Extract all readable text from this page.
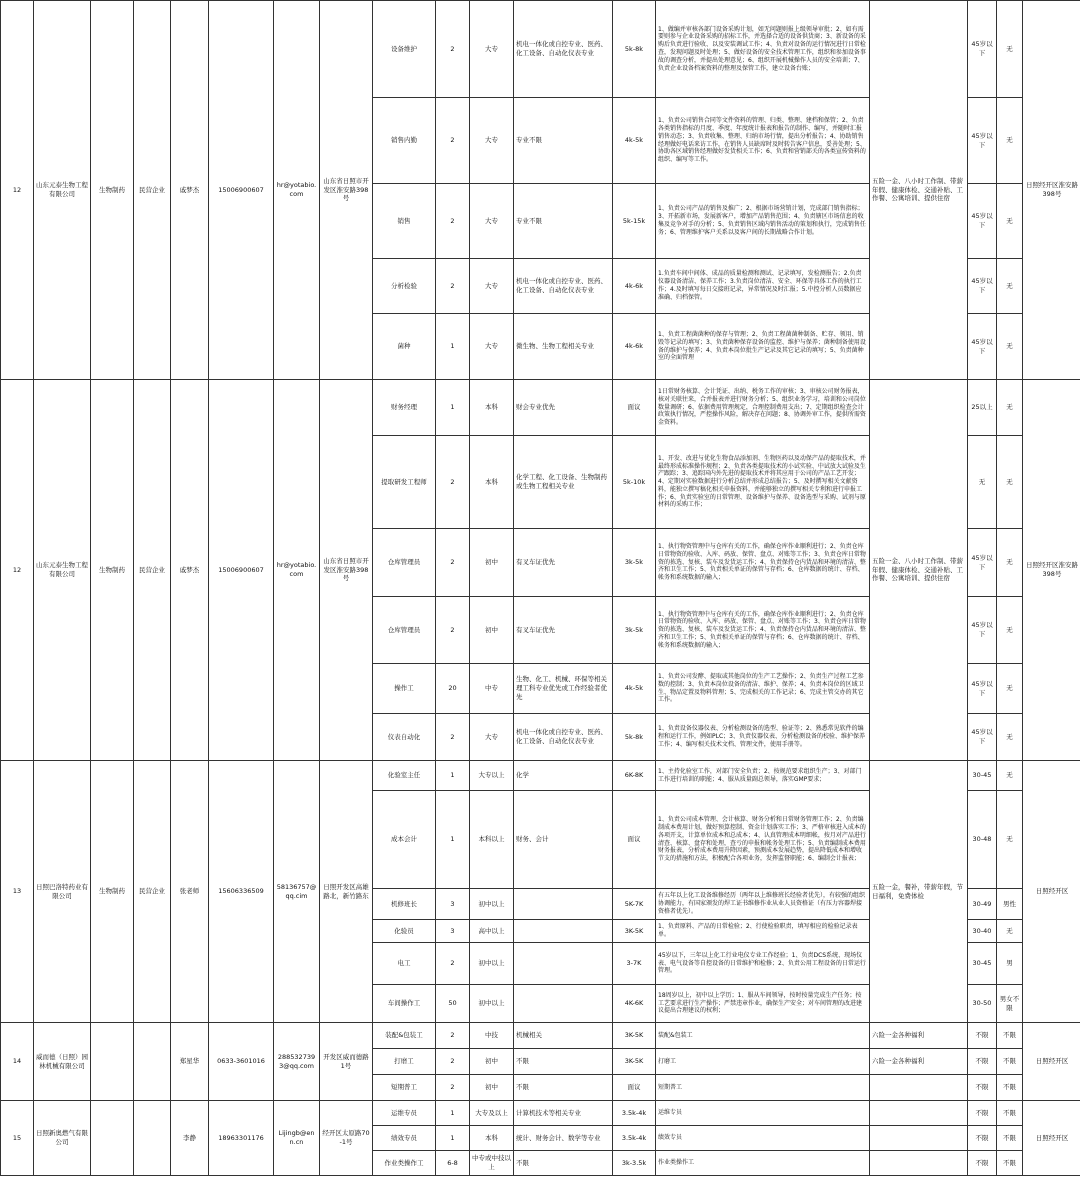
12	山东元泰生物工程有限公司	生物制药	民营企业	戚梦杰	15006900607	hr@yotabio.com	山东省日照市开发区淮安路398号	设备维护	2	大专	机电一体化或自控专业、医药、化工设备、自动化仪表专业	5k-8k	1、做编并审核各部门设备采购计划，如无问题则报上级领导审批；2、如有需要则参与企业设备采购的招标工作，并选择合适的设备供货商；3、新设备的采购后负责进行验收、以及安装调试工作；4、负责对设备的运行情况进行日常检查，发现问题及时处理；5、做好设备的安全技术管理工作，组织和参加设备事故的调查分析，并提出处理意见；6、组织开展机械操作人员的安全培训；7、负责企业设备档案资料的整理及保管工作，建立设备台账；	五险一金、八小时工作制、带薪年假、健康体检、交通补贴、工作餐、公寓培训、提供住宿	45岁以下	无	日照经开区淮安路398号
								销售内勤	2	大专	专业不限	4k-5k	1、负责公司销售合同等文件资料的管理、归类、整理、建档和保管；2、负责各类销售指标的月度、季度、年度统计报表和报告的制作、编写，并随时汇报销售动态；3、负责收集、整理、归纳市场行情，提出分析报告；4、协助销售经理做好电话来访工作，在销售人员缺席时及时转告客户信息，妥善处理；5、协助各区域销售经理做好发货相关工作；6、负责和营销部关的各类宣传资料的组织、编写等工作。		45岁以下	无	
								销售	2	大专	专业不限	5k-15k	1、负责公司产品的销售及推广；2、根据市场营销计划，完成部门销售指标；3、开拓新市场，发展新客户，增加产品销售范围；4、负责辖区市场信息的收集及竞争对手的分析；5、负责销售区域内销售活动的策划和执行，完成销售任务；6、管理维护客户关系以及客户间的长期战略合作计划。		45岁以下	无	
								分析检验	2	大专	机电一体化或自控专业、医药、化工设备、自动化仪表专业	4k-6k	1.负责车间中间体、成品的质量检测和测试、记录填写，发检测报告；2.负责仪器设备清洁、保养工作；3.负责岗位清洁、安全、环保等具体工作的执行工作；4.及时填写每日交接班记录，异常情况及时汇报；5.中控分析人员数据应准确、归档保管。		45岁以下	无	
								菌种	1	大专	微生物、生物工程相关专业	4k-6k	1、负责工程菌菌种的保存与管理；2、负责工程菌菌种制备、贮存、领用、销毁等记录的填写；3、负责菌种保存设备的监控、维护与保养；菌种制备使用设备的维护与保养；4、负责本岗位批生产记录及其它记录的填写；5、负责菌种室的全面管理		45岁以下	无	
12	山东元泰生物工程有限公司	生物制药	民营企业	戚梦杰	15006900607	hr@yotabio.com	山东省日照市开发区淮安路398号	财务经理	1	本科	财会专业优先	面议	1日常财务核算、会计凭证、出纳、税务工作的审核；3、审核公司财务报表，核对关联往来，合并报表并进行财务分析；5、组织业务学习，培训和公司岗位数量调研；6、依据费用管理规定，合理控制费用支出；7、定期组织检查会计政策执行情况，严控操作风险，解决存在问题；8、协调外审工作，提供所需资金资料。	五险一金、八小时工作制、带薪年假、健康体检、交通补贴、工作餐、公寓培训、提供住宿	25以上	无	日照经开区淮安路398号
								提取研发工程师	2	本科	化学工程、化工设备、生物制药或生物工程相关专业	5k-10k	1、开发、改进与优化生物食品添加剂、生物医药以及动保产品的提取技术，并最终形成标准操作规程；2、负责各类提取技术的小试实验、中试放大试验及生产跟踪；3、追踪国内外先进的提取技术并将其应用于公司的产品工艺开发；4、定期对实验数据进行分析总结并形成总结报告；5、及时撰写相关文献资料，能独立撰写稿化相关申报资料，并能够独立的撰写相关专利和进行申报工作；6、负责实验室的日常管理、设备维护与保养、设备选型与采购、试剂与原材料的采购工作；		无	无	
								仓库管理员	2	初中	有叉车证优先	3k-5k	1、执行物资管理中与仓库有关的工作，确保仓库作业顺利进行；2、负责仓库日常物资的验收、入库、码放、保管、盘点、对账等工作；3、负责仓库日常物资的拣选、复核、装车及发货运工作；4、负责保持仓内货品和环境的清洁、整齐和卫生工作；5、负责相关单证的保管与存档；6、仓库数据的统计、存档、帐务和系统数据的输入；		45岁以下	无	
								仓库管理员	2	初中	有叉车证优先	3k-5k	1、执行物资管理中与仓库有关的工作，确保仓库作业顺利进行；2、负责仓库日常物资的验收、入库、码放、保管、盘点、对账等工作；3、负责仓库日常物资的拣选、复核、装车及发货运工作；4、负责保持仓内货品和环境的清洁、整齐和卫生工作；5、负责相关单证的保管与存档；6、仓库数据的统计、存档、帐务和系统数据的输入；		45岁以下	无	
								操作工	20	中专	生物、化工、机械、环保等相关理工科专业优先或工作经验者优先	4k-5k	1、负责公司发酵、提取或其他岗位的生产工艺操作；2、负责生产过程工艺参数的控制；3、负责本岗位设备的清洁、维护、保养；4、负责本岗位的区域卫生、物品定置及物料管理；5、完成相关的工作记录；6、完成主管交办的其它工作。		45岁以下	无	
								仪表自动化	2	大专	机电一体化或自控专业、医药、化工设备、自动化仪表专业	5k-8k	1、负责设备仪器仪表、分析检测设备的选型、验证等；2、熟悉常见软件的编程和运行工作，例如PLC；3、负责仪器仪表、分析检测设备的校验、维护保养工作；4、编写相关技术文档、管理文件，使用手册等。		45岁以下	无	
13	日照巴洛特药业有限公司	生物制药	民营企业	张老师	15606336509	58136757@qq.cim	日照开发区高雄路北，新竹路东	化验室主任	1	大专以上	化学	6K-8K	1、主持化验室工作，对部门安全负责；2、按规范要求组织生产；3、对部门工作进行培训的职能；4、服从质量副总领导，落实GMP要求；	五险一金，餐补，带薪年假，节日福利，免费体检	30-45	无	日照经开区
								成本会计	1	本科以上	财务、会计	面议	1、负责公司成本管理、会计核算、财务分析和日常财务管理工作；2、负责编制成本费用计划，做好预算控制、资金计划落实工作；3、严格审核进入成本的各项开支，计算单位成本和总成本；4、认真管理成本明细帐，按月对产品进行清查、核算、盘存和处理，查亏的申报和帐务处理工作；5、负责编制成本费用财务报表，分析成本费用升降因素，预测成本发展趋势，提出降低成本和增收节支的措施和方法，积极配合各项业务，发挥监督职能；6、编制会计报表；		30-48	无	
								机修班长	3	初中以上		5K-7K	有五年以上化工设备维修经历（两年以上维修班长经验者优先），有较强的组织协调能力，有国家颁发的焊工证书维修作业从业人员资格证（有压力容器焊接资格者优先）。		30-49	男性	
								化验员	3	高中以上		3K-5K	1、负责原料、产品的日常检验；2、行使检验职责，填写相应的检验记录表单。		30-40	无	
								电工	2	初中以上		3-7K	45岁以下，三年以上化工行业电仪专业工作经验；1、负责DCS系统、现场仪表、电气设备等自控设备的日常维护和检修；2、负责公用工程设备的日常运行管理。		30-45	男	
								车间操作工	50	初中以上		4K-6K	18周岁以上，初中以上学历；1、服从车间领导，按时按量完成生产任务；按工艺要求进行生产操作；严禁违章作业，确保生产安全；对车间管理的改进建议提出合理建议的权利；		30-50	男女不限	
14	威而德（日照）园林机械有限公司			郑星华	0633-3601016	2885327393@qq.com	开发区威而德路1号	装配&包装工	2	中技	机械相关	3K-5K	装配&包装工	六险一金各种福利	不限	不限	日照经开区
								打磨工	2	初中	不限	3K-5K	打磨工	六险一金各种福利	不限	不限	
								短期普工	2	初中	不限	面议	短期普工		不限	不限	
15	日照新奥燃气有限公司			李静	18963301176	Lijingb@enn.cn	经开区太原路70-1号	运维专员	1	大专及以上	计算机技术等相关专业	3.5k-4k	运维专员		不限	不限	日照经开区
								绩效专员	1	本科	统计、财务会计、数学等专业	3.5k-4k	绩效专员		不限	不限	
								作业类操作工	6-8	中专或中技以上	不限	3k-3.5k	作业类操作工		不限	不限	
